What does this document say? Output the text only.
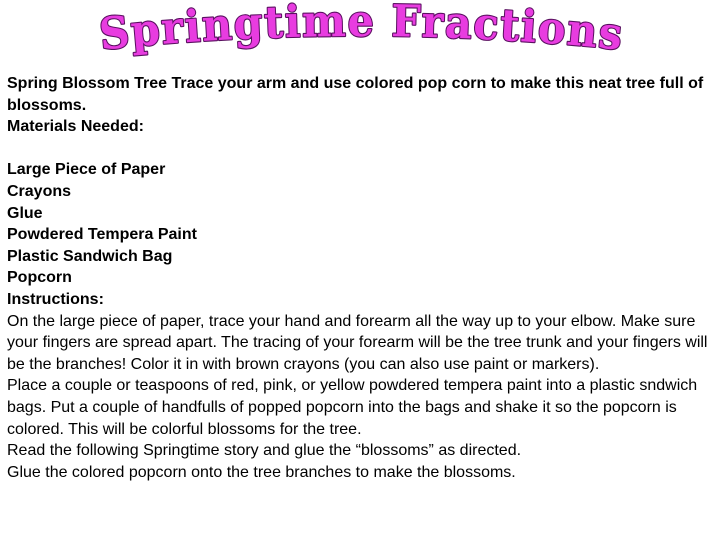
Springtime Fractions

Spring Blossom Tree Trace your arm and use colored pop corn to make this neat tree full of blossoms.

Materials Needed:

Large Piece of Paper

Crayons

Glue

Powdered Tempera Paint

Plastic Sandwich Bag

Popcorn

Instructions:

On the large piece of paper, trace your hand and forearm all the way up to your elbow. Make sure your fingers are spread apart. The tracing of your forearm will be the tree trunk and your fingers will be the branches! Color it in with brown crayons (you can also use paint or markers).

Place a couple or teaspoons of red, pink, or yellow powdered tempera paint into a plastic sndwich bags. Put a couple of handfulls of popped popcorn into the bags and shake it so the popcorn is colored. This will be colorful blossoms for the tree.

Read the following Springtime story and glue the “blossoms” as directed.

Glue the colored popcorn onto the tree branches to make the blossoms.
